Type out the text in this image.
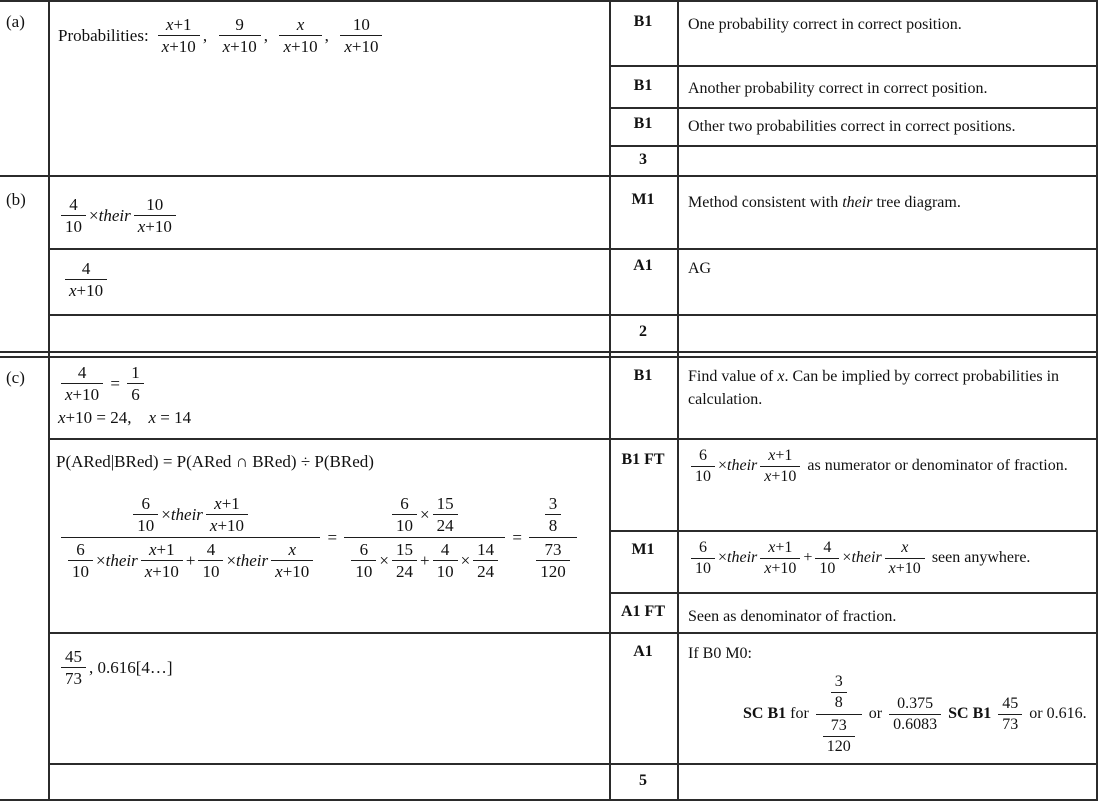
(a)
(b)
(c)
Probabilities: $\frac{x +1}{x +10}$ , $\frac{9}{x +10}$ , $\frac{x}{x +10}$ , $\frac{10}{x +10}$
$\frac{4}{10}$ × their $\frac{10}{x +10}$
$\frac{4}{x +10}$
$\frac{4}{x +10} = \frac{1}{6}$
x +10 = 24, x = 14
P(ARed|BRed) = P(ARed ∩ BRed) ÷ P(BRed)
$\frac{\frac{6}{10} \times their \frac{x +1}{x +10}}{\frac{6}{10} \times their \frac{x +1}{x +10} + \frac{4}{10} \times their \frac{x}{x +10}} = \frac{\frac{6}{10} \times \frac{15}{24}}{\frac{6}{10} \times \frac{15}{24} + \frac{4}{10} \times \frac{14}{24}} = \frac{\frac{3}{8}}{\frac{73}{120}}$
$\frac{45}{73}$ , 0.616[4…]
B1
B1
B1
3
M1
A1
2
B1
B1 FT
M1
A1 FT
A1
5
One probability correct in correct position.
Another probability correct in correct position.
Other two probabilities correct in correct positions.
Method consistent with their tree diagram.
AG
Find value of x. Can be implied by correct probabilities in calculation.
$\frac{6}{10}$ ×their $\frac{x +1}{x +10}$ as numerator or denominator of fraction.
$\frac{6}{10}$ ×their $\frac{x +1}{x +10} + \frac{4}{10}$ ×their $\frac{x}{x +10}$ seen anywhere.
Seen as denominator of fraction.
If B0 M0:
SC B1 for $\frac{\frac{3}{8}}{\frac{73}{120}}$ or $\frac{0.375}{0.6083}$ SC $B1 \frac{45}{73}$ or 0.616.
